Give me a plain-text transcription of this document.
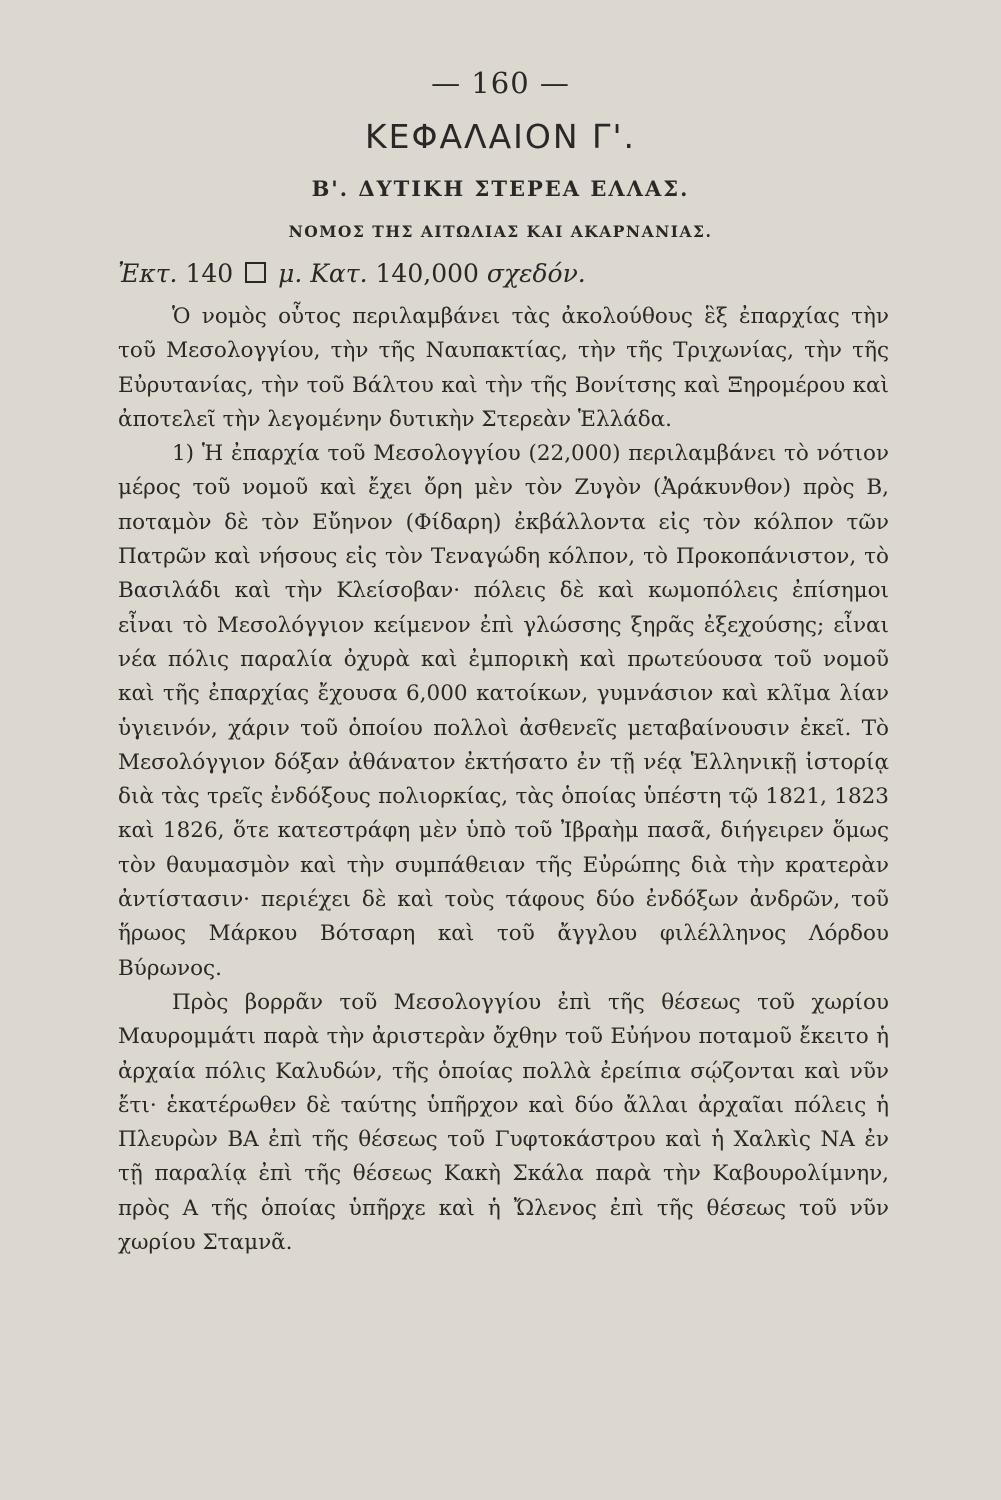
— 160 —
ΚΕΦΑΛΑΙΟΝ Γ'.
Β'. ΔΥΤΙΚΗ ΣΤΕΡΕΑ ΕΛΛΑΣ.
ΝΟΜΟΣ ΤΗΣ ΑΙΤΩΛΙΑΣ ΚΑΙ ΑΚΑΡΝΑΝΙΑΣ.
Ἐκτ. 140 μ. Κατ. 140,000 σχεδόν.

Ὁ νομὸς οὗτος περιλαμβάνει τὰς ἀκολούθους ἓξ ἐπαρχίας τὴν τοῦ Μεσολογγίου, τὴν τῆς Ναυπακτίας, τὴν τῆς Τριχωνίας, τὴν τῆς Εὐρυτανίας, τὴν τοῦ Βάλτου καὶ τὴν τῆς Βονίτσης καὶ Ξηρομέρου καὶ ἀποτελεῖ τὴν λεγομένην δυτικὴν Στερεὰν Ἑλλάδα.

1) Ἡ ἐπαρχία τοῦ Μεσολογγίου (22,000) περιλαμβάνει τὸ νότιον μέρος τοῦ νομοῦ καὶ ἔχει ὄρη μὲν τὸν Ζυγὸν (Ἀράκυνθον) πρὸς Β, ποταμὸν δὲ τὸν Εὔηνον (Φίδαρη) ἐκβάλλοντα εἰς τὸν κόλπον τῶν Πατρῶν καὶ νήσους εἰς τὸν Τεναγώδη κόλπον, τὸ Προκοπάνιστον, τὸ Βασιλάδι καὶ τὴν Κλείσοβαν· πόλεις δὲ καὶ κωμοπόλεις ἐπίσημοι εἶναι τὸ Μεσολόγγιον κείμενον ἐπὶ γλώσσης ξηρᾶς ἐξεχούσης; εἶναι νέα πόλις παραλία ὀχυρὰ καὶ ἐμπορικὴ καὶ πρωτεύουσα τοῦ νομοῦ καὶ τῆς ἐπαρχίας ἔχουσα 6,000 κατοίκων, γυμνάσιον καὶ κλῖμα λίαν ὑγιεινόν, χάριν τοῦ ὁποίου πολλοὶ ἀσθενεῖς μεταβαίνουσιν ἐκεῖ. Τὸ Μεσολόγγιον δόξαν ἀθάνατον ἐκτήσατο ἐν τῇ νέᾳ Ἑλληνικῇ ἱστορίᾳ διὰ τὰς τρεῖς ἐνδόξους πολιορκίας, τὰς ὁποίας ὑπέστη τῷ 1821, 1823 καὶ 1826, ὅτε κατεστράφη μὲν ὑπὸ τοῦ Ἰβραὴμ πασᾶ, διήγειρεν ὅμως τὸν θαυμασμὸν καὶ τὴν συμπάθειαν τῆς Εὐρώπης διὰ τὴν κρατερὰν ἀντίστασιν· περιέχει δὲ καὶ τοὺς τάφους δύο ἐνδόξων ἀνδρῶν, τοῦ ἥρωος Μάρκου Βότσαρη καὶ τοῦ ἄγγλου φιλέλληνος Λόρδου Βύρωνος.

Πρὸς βορρᾶν τοῦ Μεσολογγίου ἐπὶ τῆς θέσεως τοῦ χωρίου Μαυρομμάτι παρὰ τὴν ἀριστερὰν ὄχθην τοῦ Εὐήνου ποταμοῦ ἔκειτο ἡ ἀρχαία πόλις Καλυδών, τῆς ὁποίας πολλὰ ἐρείπια σῴζονται καὶ νῦν ἔτι· ἑκατέρωθεν δὲ ταύτης ὑπῆρχον καὶ δύο ἄλλαι ἀρχαῖαι πόλεις ἡ Πλευρὼν ΒΑ ἐπὶ τῆς θέσεως τοῦ Γυφτοκάστρου καὶ ἡ Χαλκὶς ΝΑ ἐν τῇ παραλίᾳ ἐπὶ τῆς θέσεως Κακὴ Σκάλα παρὰ τὴν Καβουρολίμνην, πρὸς Α τῆς ὁποίας ὑπῆρχε καὶ ἡ Ὤλενος ἐπὶ τῆς θέσεως τοῦ νῦν χωρίου Σταμνᾶ.
